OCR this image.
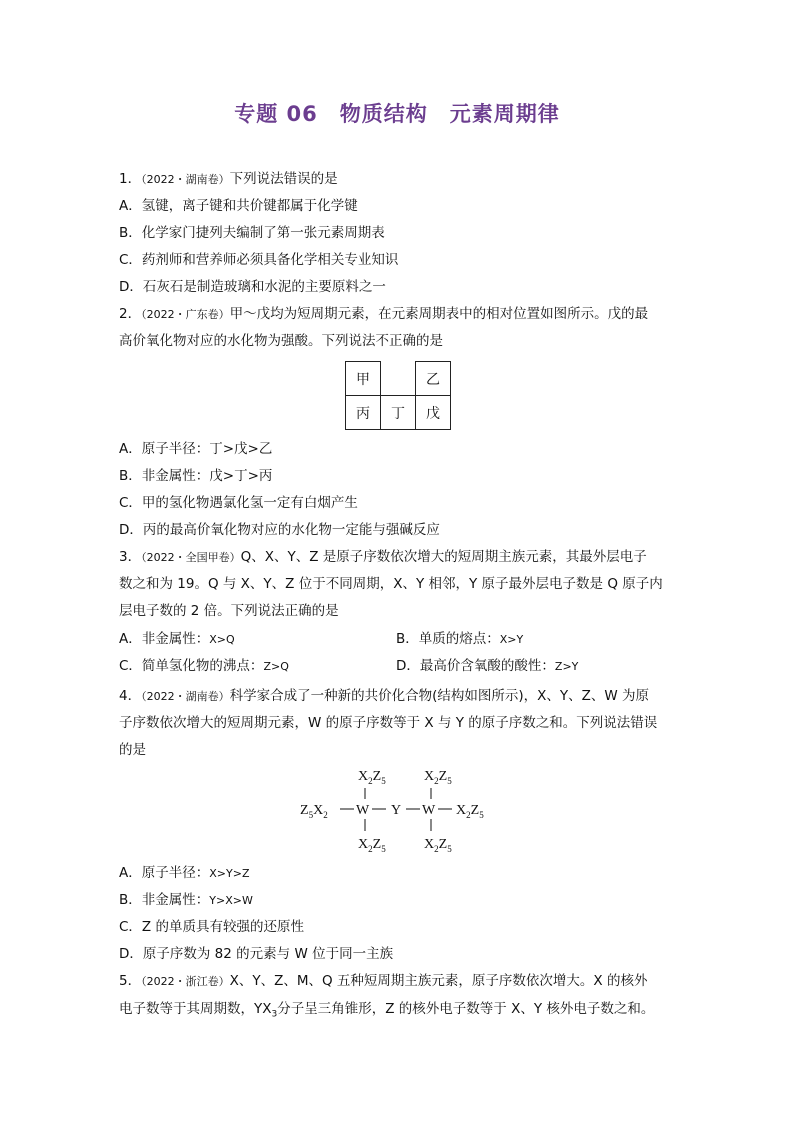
专题 06　物质结构　元素周期律
1．（2022・湖南卷）下列说法错误的是
A．氢键，离子键和共价键都属于化学键
B．化学家门捷列夫编制了第一张元素周期表
C．药剂师和营养师必须具备化学相关专业知识
D．石灰石是制造玻璃和水泥的主要原料之一
2．（2022・广东卷）甲～戊均为短周期元素，在元素周期表中的相对位置如图所示。戊的最
高价氧化物对应的水化物为强酸。下列说法不正确的是
甲		乙
丙	丁	戊
A．原子半径：丁>戊>乙
B．非金属性：戊>丁>丙
C．甲的氢化物遇氯化氢一定有白烟产生
D．丙的最高价氧化物对应的水化物一定能与强碱反应
3．（2022・全国甲卷）Q、X、Y、Z 是原子序数依次增大的短周期主族元素，其最外层电子
数之和为 19。Q 与 X、Y、Z 位于不同周期，X、Y 相邻，Y 原子最外层电子数是 Q 原子内
层电子数的 2 倍。下列说法正确的是
A．非金属性：X>Q	B．单质的熔点：X>Y
C．简单氢化物的沸点：Z>Q	D．最高价含氧酸的酸性：Z>Y
4．（2022・湖南卷）科学家合成了一种新的共价化合物(结构如图所示)，X、Y、Z、W 为原
子序数依次增大的短周期元素，W 的原子序数等于 X 与 Y 的原子序数之和。下列说法错误
的是
$X_2Z_5$	$X_2Z_5$
$Z_5X_2$ W Y W $X_2Z_5$
$X_2Z_5$	$X_2Z_5$
A．原子半径：X>Y>Z
B．非金属性：Y>X>W
C．Z 的单质具有较强的还原性
D．原子序数为 82 的元素与 W 位于同一主族
5．（2022・浙江卷）X、Y、Z、M、Q 五种短周期主族元素，原子序数依次增大。X 的核外
电子数等于其周期数，$YX_3$分子呈三角锥形，Z 的核外电子数等于 X、Y 核外电子数之和。
